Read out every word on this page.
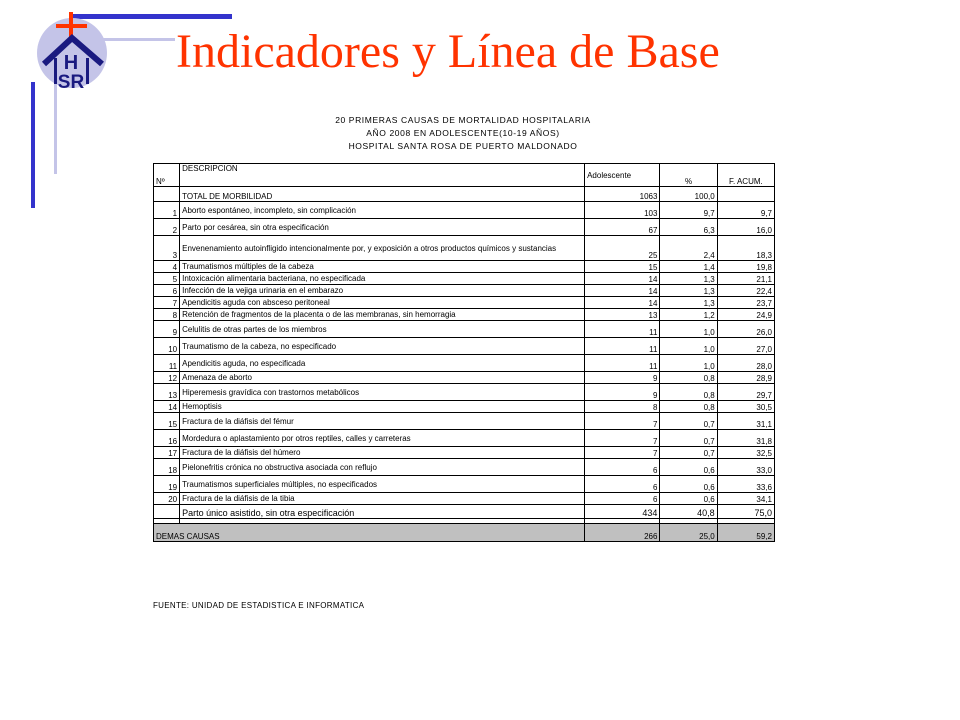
H
SR
Indicadores y Línea de Base
20 PRIMERAS CAUSAS DE MORTALIDAD HOSPITALARIA
AÑO 2008 EN ADOLESCENTE(10-19 AÑOS)
HOSPITAL SANTA ROSA DE PUERTO MALDONADO
Nº	DESCRIPCION	Adolescente	%	F. ACUM.
	TOTAL DE MORBILIDAD	1063	100,0	
1	Aborto espontáneo, incompleto, sin complicación	103	9,7	9,7
2	Parto por cesárea, sin otra especificación	67	6,3	16,0
3	Envenenamiento autoinfligido intencionalmente por, y exposición a otros productos químicos y sustancias	25	2,4	18,3
4	Traumatismos múltiples de la cabeza	15	1,4	19,8
5	Intoxicación alimentaria bacteriana, no especificada	14	1,3	21,1
6	Infección de la vejiga urinaria en el embarazo	14	1,3	22,4
7	Apendicitis aguda con absceso peritoneal	14	1,3	23,7
8	Retención de fragmentos de la placenta o de las membranas, sin hemorragia	13	1,2	24,9
9	Celulitis de otras partes de los miembros	11	1,0	26,0
10	Traumatismo de la cabeza, no especificado	11	1,0	27,0
11	Apendicitis aguda, no especificada	11	1,0	28,0
12	Amenaza de aborto	9	0,8	28,9
13	Hiperemesis gravídica con trastornos metabólicos	9	0,8	29,7
14	Hemoptisis	8	0,8	30,5
15	Fractura de la diáfisis del fémur	7	0,7	31,1
16	Mordedura o aplastamiento por otros reptiles, calles y carreteras	7	0,7	31,8
17	Fractura de la diáfisis del húmero	7	0,7	32,5
18	Pielonefritis crónica no obstructiva asociada con reflujo	6	0,6	33,0
19	Traumatismos superficiales múltiples, no especificados	6	0,6	33,6
20	Fractura de la diáfisis de la tibia	6	0,6	34,1
	Parto único asistido, sin otra especificación	434	40,8	75,0

DEMAS CAUSAS		266	25,0	59,2
FUENTE: UNIDAD DE ESTADISTICA E INFORMATICA
